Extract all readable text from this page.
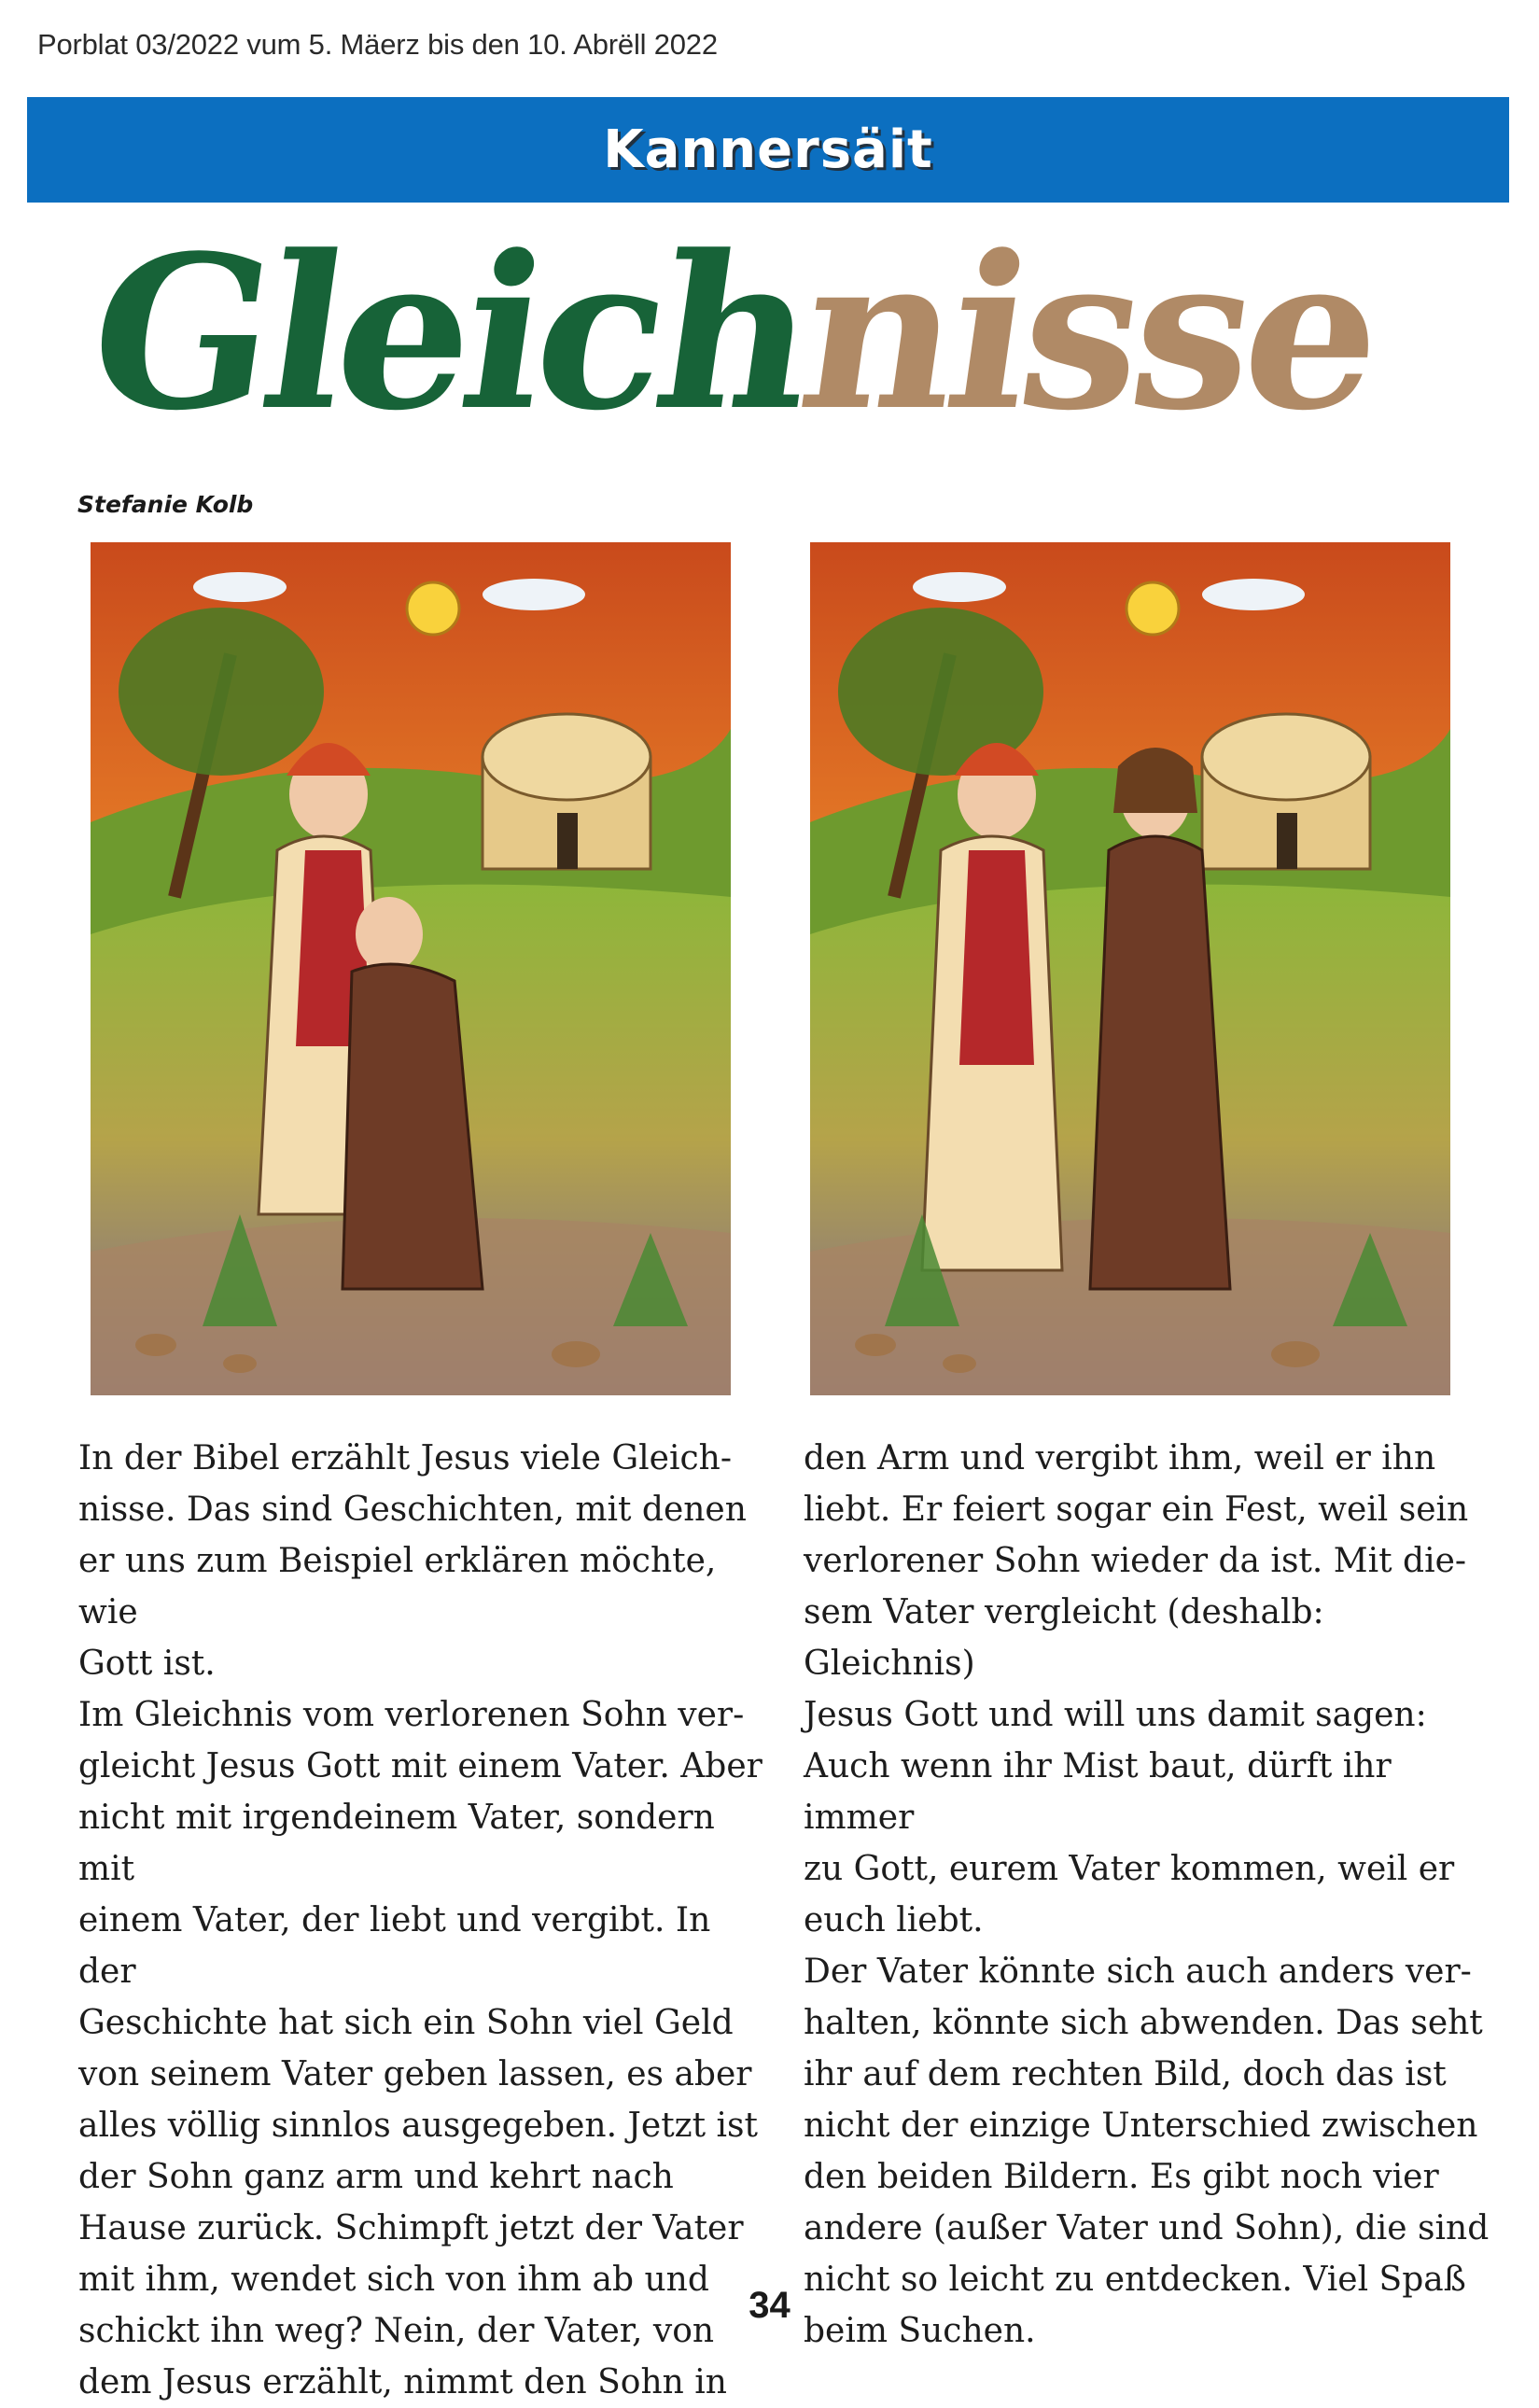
Porblat 03/2022 vum 5. Mäerz bis den 10. Abrëll 2022
Kannersäit
Gleichnisse
Stefanie Kolb

In der Bibel erzählt Jesus viele Gleich-

nisse. Das sind Geschichten, mit denen

er uns zum Beispiel erklären möchte, wie

Gott ist.

Im Gleichnis vom verlorenen Sohn ver-

gleicht Jesus Gott mit einem Vater. Aber

nicht mit irgendeinem Vater, sondern mit

einem Vater, der liebt und vergibt. In der

Geschichte hat sich ein Sohn viel Geld

von seinem Vater geben lassen, es aber

alles völlig sinnlos ausgegeben. Jetzt ist

der Sohn ganz arm und kehrt nach

Hause zurück. Schimpft jetzt der Vater

mit ihm, wendet sich von ihm ab und

schickt ihn weg? Nein, der Vater, von

dem Jesus erzählt, nimmt den Sohn in

den Arm und vergibt ihm, weil er ihn

liebt. Er feiert sogar ein Fest, weil sein

verlorener Sohn wieder da ist. Mit die-

sem Vater vergleicht (deshalb: Gleichnis)

Jesus Gott und will uns damit sagen:

Auch wenn ihr Mist baut, dürft ihr immer

zu Gott, eurem Vater kommen, weil er

euch liebt.

Der Vater könnte sich auch anders ver-

halten, könnte sich abwenden. Das seht

ihr auf dem rechten Bild, doch das ist

nicht der einzige Unterschied zwischen

den beiden Bildern. Es gibt noch vier

andere (außer Vater und Sohn), die sind

nicht so leicht zu entdecken. Viel Spaß

beim Suchen.

34
